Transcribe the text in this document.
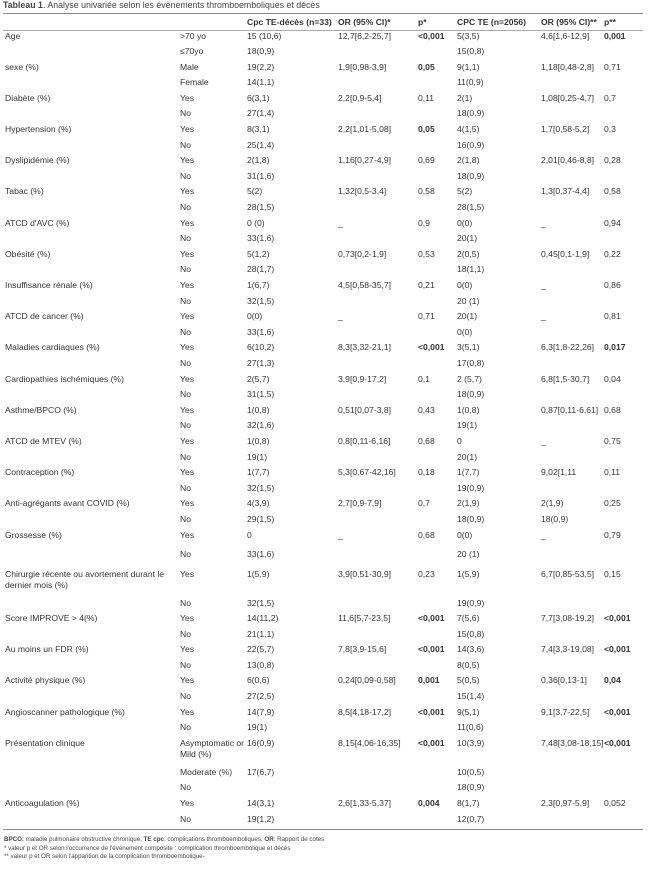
Tableau 1. Analyse univariée selon les évènements thromboemboliques et décès
		Cpc TE-décès (n=33)	OR (95% CI)*	p*	CPC TE (n=2056)	OR (95% CI)**	p**
Age	>70 yo	15 (10,6)	12,7[6,2-25,7]	<0,001	5(3,5)	4,6[1,6-12,9]	0,001
	≤70yo	18(0,9)			15(0,8)		
sexe (%)	Male	19(2,2)	1,9[0,98-3,9]	0,05	9(1,1)	1,18[0,48-2,8]	0,71
	Female	14(1,1)			11(0,9)		
Diabète (%)	Yes	6(3,1)	2,2[0,9-5,4]	0,11	2(1)	1,08[0,25-4,7]	0,7
	No	27(1,4)			18(0,9)		
Hypertension (%)	Yes	8(3,1)	2,2[1,01-5,08]	0,05	4(1,5)	1,7[0,58-5,2]	0,3
	No	25(1,4)			16(0,9)		
Dyslipidémie (%)	Yes	2(1,8)	1,16[0,27-4,9]	0,69	2(1,8)	2,01[0,46-8,8]	0,28
	No	31(1,6)			18(0,9)		
Tabac (%)	Yes	5(2)	1,32[0,5-3,4]	0,58	5(2)	1,3[0,37-4,4]	0,58
	No	28(1,5)			28(1,5)		
ATCD d'AVC (%)	Yes	0 (0)	_	0,9	0(0)	_	0,94
	No	33(1,6)			20(1)		
Obésité (%)	Yes	5(1,2)	0,73[0,2-1,9]	0,53	2(0,5)	0,45[0,1-1,9]	0,22
	No	28(1,7)			18(1,1)		
Insuffisance rénale (%)	Yes	1(6,7)	4,5[0,58-35,7]	0,21	0(0)	_	0,86
	No	32(1,5)			20 (1)		
ATCD de cancer (%)	Yes	0(0)	_	0,71	20(1)	_	0,81
	No	33(1,6)			0(0)		
Maladies cardiaques (%)	Yes	6(10,2)	8,3[3,32-21,1]	<0,001	3(5,1)	6,3[1,8-22,26]	0,017
	No	27(1,3)			17(0,8)		
Cardiopathies ischémiques (%)	Yes	2(5,7)	3,9[0,9-17,2]	0,1	2 (5,7)	6,8[1,5-30,7]	0,04
	No	31(1,5)			18(0,9)		
Asthme/BPCO (%)	Yes	1(0,8)	0,51[0,07-3,8]	0,43	1(0,8)	0,87[0,11-6,61]	0,68
	No	32(1,6)			19(1)		
ATCD de MTEV (%)	Yes	1(0,8)	0,8[0,11-6,16]	0,68	0	_	0,75
	No	19(1)			20(1)		
Contraception (%)	Yes	1(7,7)	5,3[0,67-42,16]	0,18	1(7,7)	9,02[1,11	0,11
	No	32(1,5)			19(0,9)		
Anti-agrégants avant COVID (%)	Yes	4(3,9)	2,7[0,9-7,9]	0,7	2(1,9)	2(1,9)	0,25
	No	29(1,5)			18(0,9)	18(0,9)	
Grossesse (%)	Yes	0	_	0,68	0(0)	_	0,79
	No	33(1,6)			20 (1)		
Chirurgie récente ou avortement durant le dernier mois (%)	Yes	1(5,9)	3,9[0,51-30,9]	0,23	1(5,9)	6,7[0,85-53,5]	0,15
	No	32(1,5)			19(0,9)		
Score IMPROVE > 4(%)	Yes	14(11,2)	11,6[5,7-23,5]	<0,001	7(5,6)	7,7[3,08-19,2]	<0,001
	No	21(1,1)			15(0,8)		
Au moins un FDR (%)	Yes	22(5,7)	7,8[3,9-15,6]	<0,001	14(3,6)	7,4[3,3-19,08]	<0,001
	No	13(0,8)			8(0,5)		
Activité physique (%)	Yes	6(0,6)	0,24[0,09-0,58]	0,001	5(0,5)	0,36[0,13-1]	0,04
	No	27(2,5)			15(1,4)		
Angioscanner pathologique (%)	Yes	14(7,9)	8,5[4,18-17,2]	<0,001	9(5,1)	9,1[3,7-22,5]	<0,001
	No	19(1)			11(0,6)		
Présentation clinique	Asymptomatic or Mild (%)	16(0,9)	8,15[4,06-16,35]	<0,001	10(3,9)	7,48[3,08-18,15]	<0,001
	Moderate (%)	17(6,7)			10(0,5)		
	No				18(0,9)		
Anticoagulation (%)	Yes	14(3,1)	2,6[1,33-5,37]	0,004	8(1,7)	2,3[0,97-5,9]	0,052
	No	19(1,2)			12(0,7)		
BPCO: maladie pulmonaire obstructive chronique, TE cpc: complications thromboemboliques, OR: Rapport de cotes
* valeur p et OR selon l'occurrence de l'événement composite : complication thromboembolique et décès
** valeur p et OR selon l'apparition de la complication thromboembolique-
